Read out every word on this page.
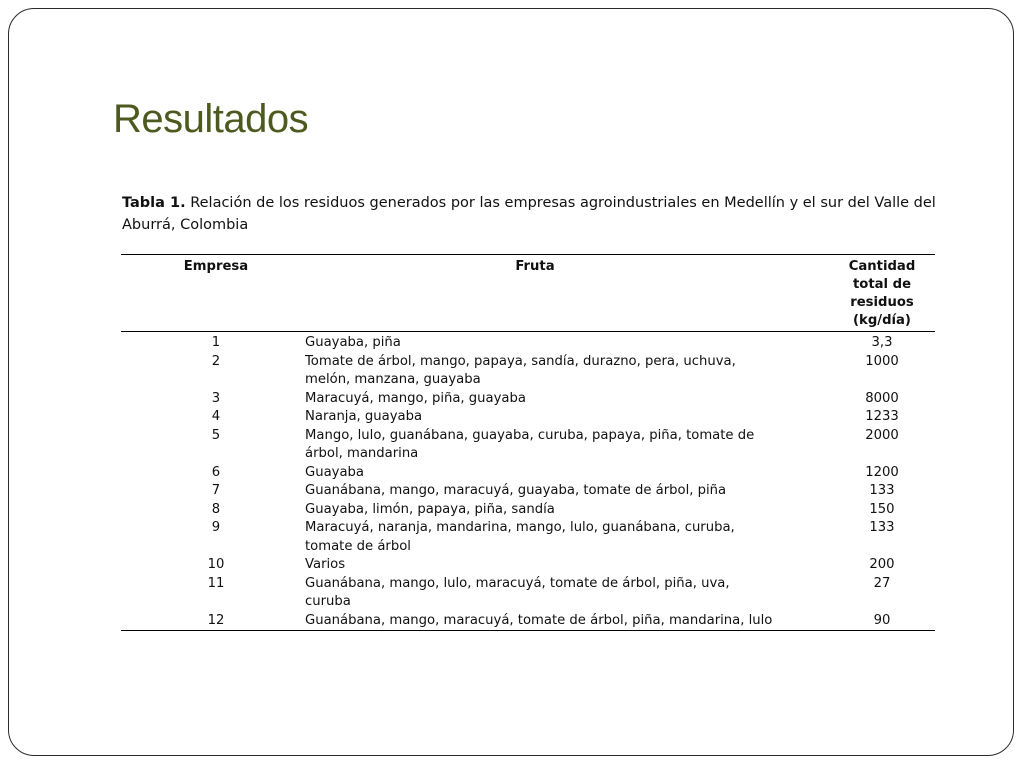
Resultados
Tabla 1. Relación de los residuos generados por las empresas agroindustriales en Medellín y el sur del Valle del Aburrá, Colombia
Empresa	Fruta	Cantidad total de residuos (kg/día)
1	Guayaba, piña	3,3
2	Tomate de árbol, mango, papaya, sandía, durazno, pera, uchuva, melón, manzana, guayaba	1000
3	Maracuyá, mango, piña, guayaba	8000
4	Naranja, guayaba	1233
5	Mango, lulo, guanábana, guayaba, curuba, papaya, piña, tomate de árbol, mandarina	2000
6	Guayaba	1200
7	Guanábana, mango, maracuyá, guayaba, tomate de árbol, piña	133
8	Guayaba, limón, papaya, piña, sandía	150
9	Maracuyá, naranja, mandarina, mango, lulo, guanábana, curuba, tomate de árbol	133
10	Varios	200
11	Guanábana, mango, lulo, maracuyá, tomate de árbol, piña, uva, curuba	27
12	Guanábana, mango, maracuyá, tomate de árbol, piña, mandarina, lulo	90
